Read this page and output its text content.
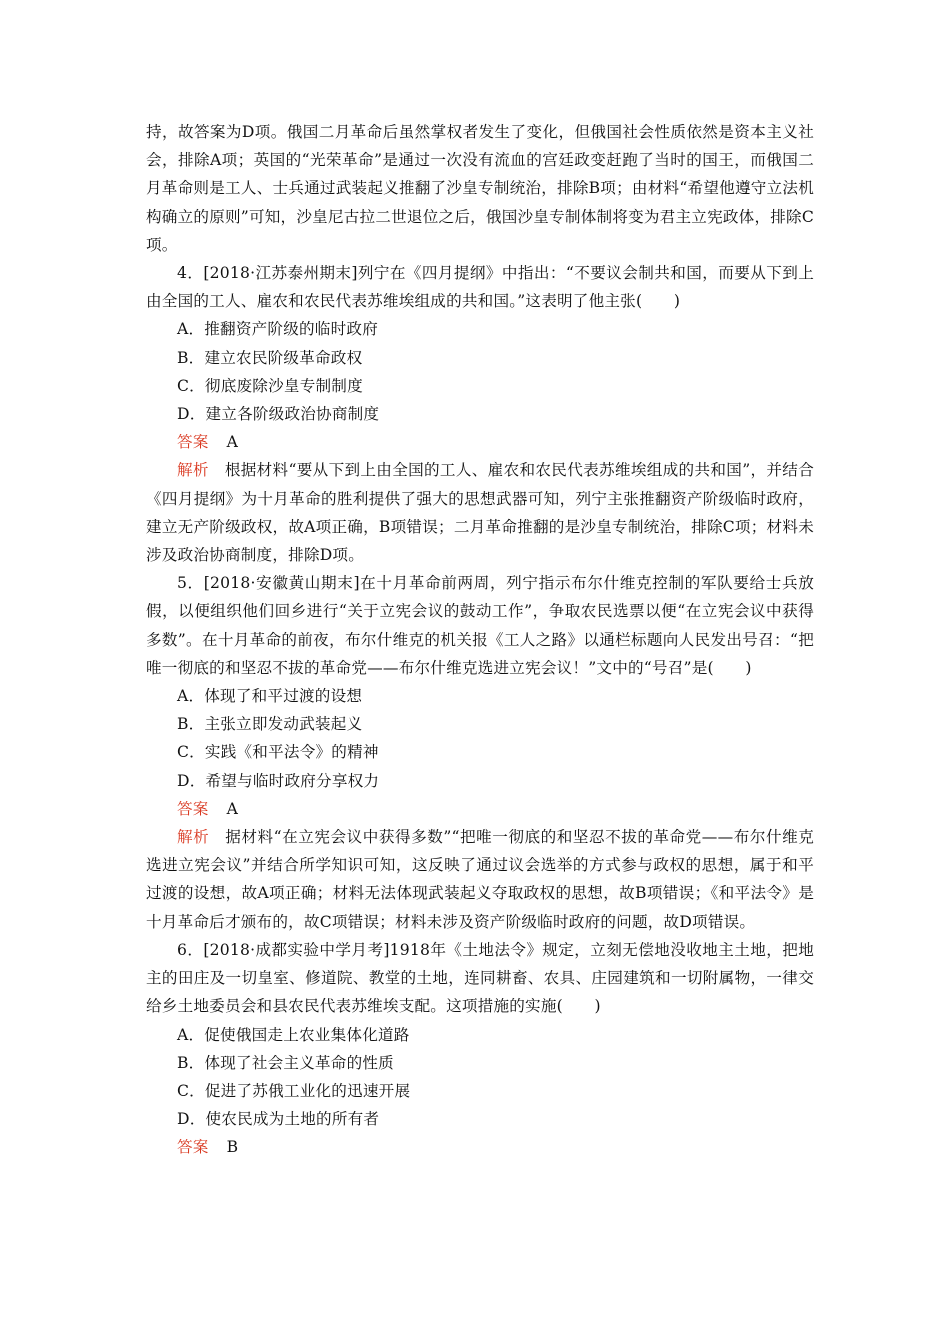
持，故答案为D项。俄国二月革命后虽然掌权者发生了变化，但俄国社会性质依然是资本主义社会，排除A项；英国的“光荣革命”是通过一次没有流血的宫廷政变赶跑了当时的国王，而俄国二月革命则是工人、士兵通过武装起义推翻了沙皇专制统治，排除B项；由材料“希望他遵守立法机构确立的原则”可知，沙皇尼古拉二世退位之后，俄国沙皇专制体制将变为君主立宪政体，排除C项。

4．[2018·江苏泰州期末]列宁在《四月提纲》中指出：“不要议会制共和国，而要从下到上由全国的工人、雇农和农民代表苏维埃组成的共和国。”这表明了他主张(　　)

A．推翻资产阶级的临时政府

B．建立农民阶级革命政权

C．彻底废除沙皇专制制度

D．建立各阶级政治协商制度

答案 A

解析 根据材料“要从下到上由全国的工人、雇农和农民代表苏维埃组成的共和国”，并结合《四月提纲》为十月革命的胜利提供了强大的思想武器可知，列宁主张推翻资产阶级临时政府，建立无产阶级政权，故A项正确，B项错误；二月革命推翻的是沙皇专制统治，排除C项；材料未涉及政治协商制度，排除D项。

5．[2018·安徽黄山期末]在十月革命前两周，列宁指示布尔什维克控制的军队要给士兵放假，以便组织他们回乡进行“关于立宪会议的鼓动工作”，争取农民选票以便“在立宪会议中获得多数”。在十月革命的前夜，布尔什维克的机关报《工人之路》以通栏标题向人民发出号召：“把唯一彻底的和坚忍不拔的革命党——布尔什维克选进立宪会议！”文中的“号召”是(　　)

A．体现了和平过渡的设想

B．主张立即发动武装起义

C．实践《和平法令》的精神

D．希望与临时政府分享权力

答案 A

解析 据材料“在立宪会议中获得多数”“把唯一彻底的和坚忍不拔的革命党——布尔什维克选进立宪会议”并结合所学知识可知，这反映了通过议会选举的方式参与政权的思想，属于和平过渡的设想，故A项正确；材料无法体现武装起义夺取政权的思想，故B项错误；《和平法令》是十月革命后才颁布的，故C项错误；材料未涉及资产阶级临时政府的问题，故D项错误。

6．[2018·成都实验中学月考]1918年《土地法令》规定，立刻无偿地没收地主土地，把地主的田庄及一切皇室、修道院、教堂的土地，连同耕畜、农具、庄园建筑和一切附属物，一律交给乡土地委员会和县农民代表苏维埃支配。这项措施的实施(　　)

A．促使俄国走上农业集体化道路

B．体现了社会主义革命的性质

C．促进了苏俄工业化的迅速开展

D．使农民成为土地的所有者

答案 B
